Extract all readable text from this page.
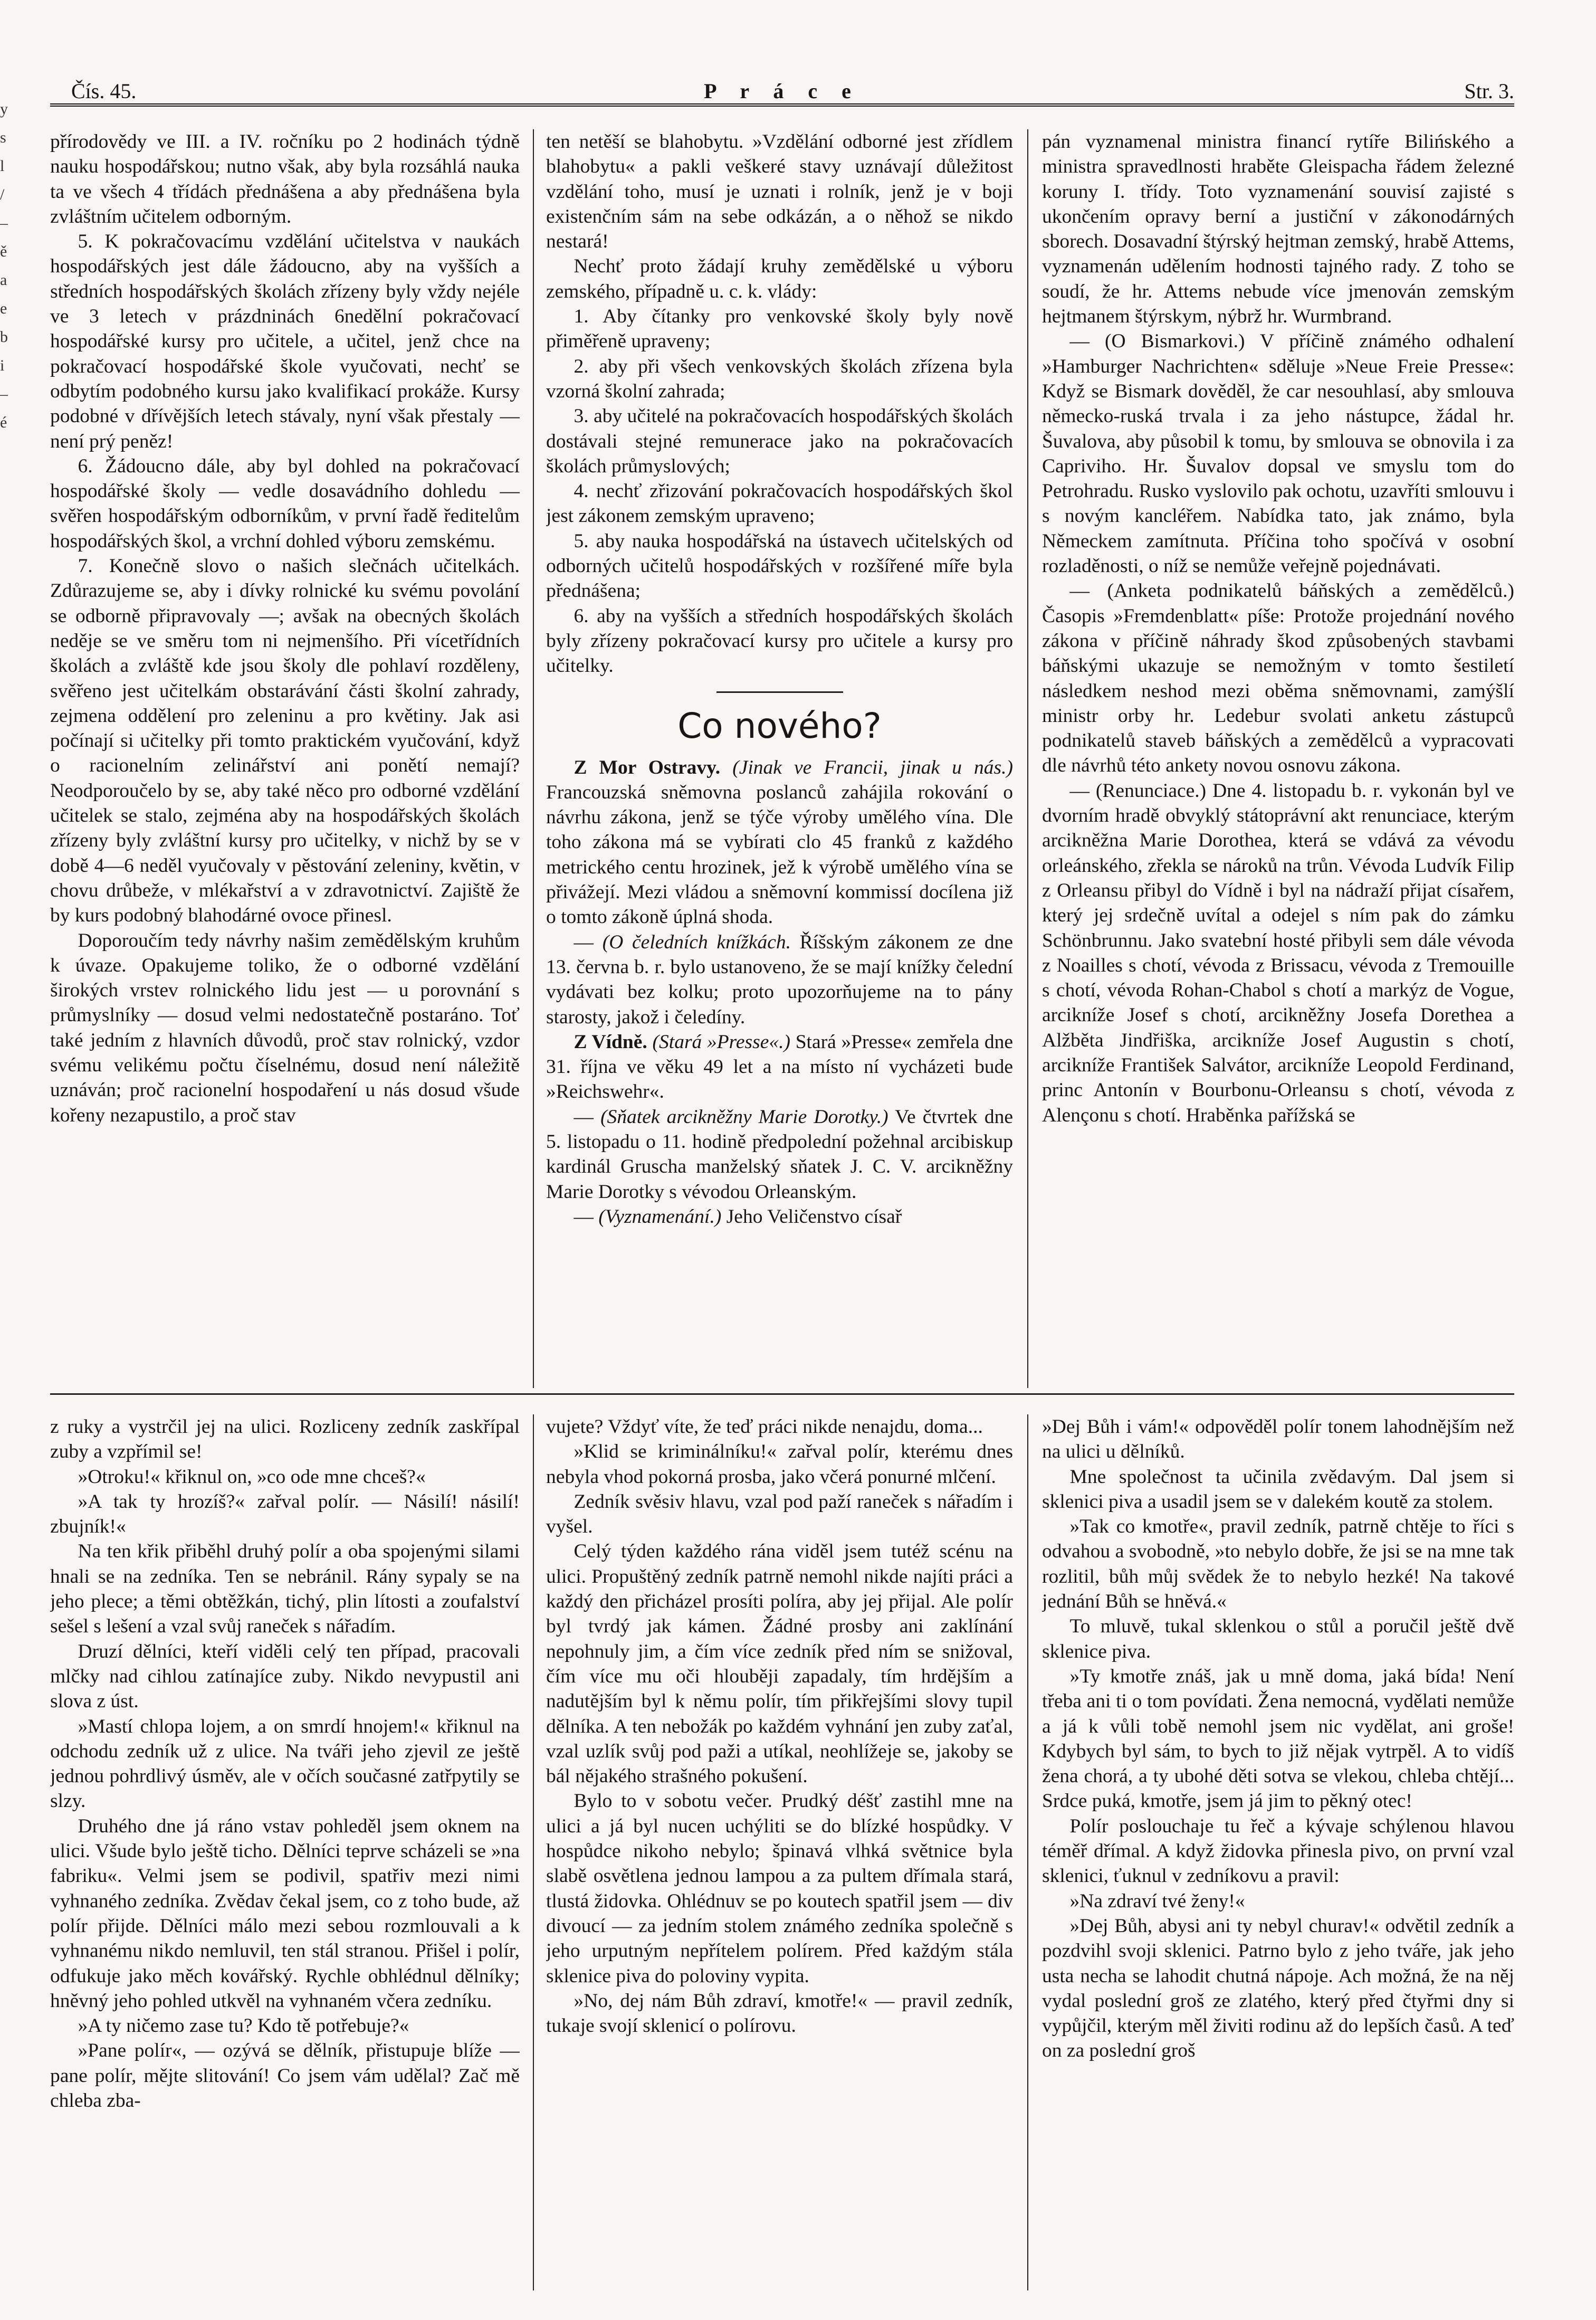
y
s
l
/
–
ě
a
e
b
i
–
é
Čís. 45.	P r á c e	Str. 3.

přírodovědy ve III. a IV. ročníku po 2 hodinách týdně nauku hospodářskou; nutno však, aby byla rozsáhlá nauka ta ve všech 4 třídách přednášena a aby přednášena byla zvláštním učitelem odborným.

5. K pokračovacímu vzdělání učitelstva v naukách hospodářských jest dále žádoucno, aby na vyšších a středních hospodářských školách zřízeny byly vždy nejéle ve 3 letech v prázdninách 6nedělní pokračovací hospodářské kursy pro učitele, a učitel, jenž chce na pokračovací hospodářské škole vyučovati, nechť se odbytím podobného kursu jako kvalifikací prokáže. Kursy podobné v dřívějších letech stávaly, nyní však přestaly — není prý peněz!

6. Žádoucno dále, aby byl dohled na pokračovací hospodářské školy — vedle dosavádního dohledu — svěřen hospodářským odborníkům, v první řadě ředitelům hospodářských škol, a vrchní dohled výboru zemskému.

7. Konečně slovo o našich slečnách učitelkách. Zdůrazujeme se, aby i dívky rolnické ku svému povolání se odborně připravovaly —; avšak na obecných školách neděje se ve směru tom ni nejmenšího. Při vícetřídních školách a zvláště kde jsou školy dle pohlaví rozděleny, svěřeno jest učitelkám obstarávání části školní zahrady, zejmena oddělení pro zeleninu a pro květiny. Jak asi počínají si učitelky při tomto praktickém vyučování, když o racionelním zelinářství ani ponětí nemají? Neodporoučelo by se, aby také něco pro odborné vzdělání učitelek se stalo, zejména aby na hospodářských školách zřízeny byly zvláštní kursy pro učitelky, v nichž by se v době 4—6 neděl vyučovaly v pěstování zeleniny, květin, v chovu drůbeže, v mlékařství a v zdravotnictví. Zajiště že by kurs podobný blahodárné ovoce přinesl.

Doporoučím tedy návrhy našim zemědělským kruhům k úvaze. Opakujeme toliko, že o odborné vzdělání širokých vrstev rolnického lidu jest — u porovnání s průmyslníky — dosud velmi nedostatečně postaráno. Toť také jedním z hlavních důvodů, proč stav rolnický, vzdor svému velikému počtu číselnému, dosud není náležitě uznáván; proč racionelní hospodaření u nás dosud všude kořeny nezapustilo, a proč stav

ten netěší se blahobytu. »Vzdělání odborné jest zřídlem blahobytu« a pakli veškeré stavy uznávají důležitost vzdělání toho, musí je uznati i rolník, jenž je v boji existenčním sám na sebe odkázán, a o něhož se nikdo nestará!

Nechť proto žádají kruhy zemědělské u výboru zemského, případně u. c. k. vlády:

1. Aby čítanky pro venkovské školy byly nově přiměřeně upraveny;

2. aby při všech venkovských školách zřízena byla vzorná školní zahrada;

3. aby učitelé na pokračovacích hospodářských školách dostávali stejné remunerace jako na pokračovacích školách průmyslových;

4. nechť zřizování pokračovacích hospodářských škol jest zákonem zemským upraveno;

5. aby nauka hospodářská na ústavech učitelských od odborných učitelů hospodářských v rozšířené míře byla přednášena;

6. aby na vyšších a středních hospodářských školách byly zřízeny pokračovací kursy pro učitele a kursy pro učitelky.

Co nového?

Z Mor Ostravy. (Jinak ve Francii, jinak u nás.) Francouzská sněmovna poslanců zahájila rokování o návrhu zákona, jenž se týče výroby umělého vína. Dle toho zákona má se vybírati clo 45 franků z každého metrického centu hrozinek, jež k výrobě umělého vína se přivážejí. Mezi vládou a sněmovní kommissí docílena již o tomto zákoně úplná shoda.

— (O čeledních knížkách. Říšským zákonem ze dne 13. června b. r. bylo ustanoveno, že se mají knížky čelední vydávati bez kolku; proto upozorňujeme na to pány starosty, jakož i čeledíny.

Z Vídně. (Stará »Presse«.) Stará »Presse« zemřela dne 31. října ve věku 49 let a na místo ní vycházeti bude »Reichswehr«.

— (Sňatek arcikněžny Marie Dorotky.) Ve čtvrtek dne 5. listopadu o 11. hodině předpolední požehnal arcibiskup kardinál Gruscha manželský sňatek J. C. V. arcikněžny Marie Dorotky s vévodou Orleanským.

— (Vyznamenání.) Jeho Veličenstvo císař

pán vyznamenal ministra financí rytíře Bilińského a ministra spravedlnosti hraběte Gleispacha řádem železné koruny I. třídy. Toto vyznamenání souvisí zajisté s ukončením opravy berní a justiční v zákonodárných sborech. Dosavadní štýrský hejtman zemský, hrabě Attems, vyznamenán udělením hodnosti tajného rady. Z toho se soudí, že hr. Attems nebude více jmenován zemským hejtmanem štýrskym, nýbrž hr. Wurmbrand.

— (O Bismarkovi.) V příčině známého odhalení »Hamburger Nachrichten« sděluje »Neue Freie Presse«: Když se Bismark dověděl, že car nesouhlasí, aby smlouva německo-ruská trvala i za jeho nástupce, žádal hr. Šuvalova, aby působil k tomu, by smlouva se obnovila i za Capriviho. Hr. Šuvalov dopsal ve smyslu tom do Petrohradu. Rusko vyslovilo pak ochotu, uzavříti smlouvu i s novým kancléřem. Nabídka tato, jak známo, byla Německem zamítnuta. Příčina toho spočívá v osobní rozladěnosti, o níž se nemůže veřejně pojednávati.

— (Anketa podnikatelů báňských a zemědělců.) Časopis »Fremdenblatt« píše: Protože projednání nového zákona v příčině náhrady škod způsobených stavbami báňskými ukazuje se nemožným v tomto šestiletí následkem neshod mezi oběma sněmovnami, zamýšlí ministr orby hr. Ledebur svolati anketu zástupců podnikatelů staveb báňských a zemědělců a vypracovati dle návrhů této ankety novou osnovu zákona.

— (Renunciace.) Dne 4. listopadu b. r. vykonán byl ve dvorním hradě obvyklý státoprávní akt renunciace, kterým arcikněžna Marie Dorothea, která se vdává za vévodu orleánského, zřekla se nároků na trůn. Vévoda Ludvík Filip z Orleansu přibyl do Vídně i byl na nádraží přijat císařem, který jej srdečně uvítal a odejel s ním pak do zámku Schönbrunnu. Jako svatební hosté přibyli sem dále vévoda z Noailles s chotí, vévoda z Brissacu, vévoda z Tremouille s chotí, vévoda Rohan-Chabol s chotí a markýz de Vogue, arcikníže Josef s chotí, arcikněžny Josefa Dorethea a Alžběta Jindřiška, arcikníže Josef Augustin s chotí, arcikníže František Salvátor, arcikníže Leopold Ferdinand, princ Antonín v Bourbonu-Orleansu s chotí, vévoda z Alençonu s chotí. Hraběnka pařížská se

z ruky a vystrčil jej na ulici. Rozliceny zedník zaskřípal zuby a vzpřímil se!

»Otroku!« křiknul on, »co ode mne chceš?«

»A tak ty hrozíš?« zařval polír. — Násilí! násilí! zbujník!«

Na ten křik přiběhl druhý polír a oba spojenými silami hnali se na zedníka. Ten se nebránil. Rány sypaly se na jeho plece; a těmi obtěžkán, tichý, plin lítosti a zoufalství sešel s lešení a vzal svůj raneček s nářadím.

Druzí dělníci, kteří viděli celý ten případ, pracovali mlčky nad cihlou zatínajíce zuby. Nikdo nevypustil ani slova z úst.

»Mastí chlopa lojem, a on smrdí hnojem!« křiknul na odchodu zedník už z ulice. Na tváři jeho zjevil ze ještě jednou pohrdlivý úsměv, ale v očích současné zatřpytily se slzy.

Druhého dne já ráno vstav pohleděl jsem oknem na ulici. Všude bylo ještě ticho. Dělníci teprve scházeli se »na fabriku«. Velmi jsem se podivil, spatřiv mezi nimi vyhnaného zedníka. Zvědav čekal jsem, co z toho bude, až polír přijde. Dělníci málo mezi sebou rozmlouvali a k vyhnanému nikdo nemluvil, ten stál stranou. Přišel i polír, odfukuje jako měch kovářský. Rychle obhlédnul dělníky; hněvný jeho pohled utkvěl na vyhnaném včera zedníku.

»A ty ničemo zase tu? Kdo tě potřebuje?«

»Pane polír«, — ozývá se dělník, přistupuje blíže — pane polír, mějte slitování! Co jsem vám udělal? Zač mě chleba zba-

vujete? Vždyť víte, že teď práci nikde nenajdu, doma...

»Klid se kriminálníku!« zařval polír, kterému dnes nebyla vhod pokorná prosba, jako včerá ponurné mlčení.

Zedník svěsiv hlavu, vzal pod paží raneček s nářadím i vyšel.

Celý týden každého rána viděl jsem tutéž scénu na ulici. Propuštěný zedník patrně nemohl nikde najíti práci a každý den přicházel prosíti políra, aby jej přijal. Ale polír byl tvrdý jak kámen. Žádné prosby ani zaklínání nepohnuly jim, a čím více zedník před ním se snižoval, čím více mu oči hlouběji zapadaly, tím hrdějším a nadutějším byl k němu polír, tím přikřejšími slovy tupil dělníka. A ten nebožák po každém vyhnání jen zuby zaťal, vzal uzlík svůj pod paži a utíkal, neohlížeje se, jakoby se bál nějakého strašného pokušení.

Bylo to v sobotu večer. Prudký déšť zastihl mne na ulici a já byl nucen uchýliti se do blízké hospůdky. V hospůdce nikoho nebylo; špinavá vlhká světnice byla slabě osvětlena jednou lampou a za pultem dřímala stará, tlustá židovka. Ohlédnuv se po koutech spatřil jsem — div divoucí — za jedním stolem známého zedníka společně s jeho urputným nepřítelem polírem. Před každým stála sklenice piva do poloviny vypita.

»No, dej nám Bůh zdraví, kmotře!« — pravil zedník, tukaje svojí sklenicí o polírovu.

»Dej Bůh i vám!« odpověděl polír tonem lahodnějším než na ulici u dělníků.

Mne společnost ta učinila zvědavým. Dal jsem si sklenici piva a usadil jsem se v dalekém koutě za stolem.

»Tak co kmotře«, pravil zedník, patrně chtěje to říci s odvahou a svobodně, »to nebylo dobře, že jsi se na mne tak rozlitil, bůh můj svědek že to nebylo hezké! Na takové jednání Bůh se hněvá.«

To mluvě, tukal sklenkou o stůl a poručil ještě dvě sklenice piva.

»Ty kmotře znáš, jak u mně doma, jaká bída! Není třeba ani ti o tom povídati. Žena nemocná, vydělati nemůže a já k vůli tobě nemohl jsem nic vydělat, ani groše! Kdybych byl sám, to bych to již nějak vytrpěl. A to vidíš žena chorá, a ty ubohé děti sotva se vlekou, chleba chtějí... Srdce puká, kmotře, jsem já jim to pěkný otec!

Polír poslouchaje tu řeč a kývaje schýlenou hlavou téměř dřímal. A když židovka přinesla pivo, on první vzal sklenici, ťuknul v zedníkovu a pravil:

»Na zdraví tvé ženy!«

»Dej Bůh, abysi ani ty nebyl churav!« odvětil zedník a pozdvihl svoji sklenici. Patrno bylo z jeho tváře, jak jeho usta necha se lahodit chutná nápoje. Ach možná, že na něj vydal poslední groš ze zlatého, který před čtyřmi dny si vypůjčil, kterým měl živiti rodinu až do lepších časů. A teď on za poslední groš
